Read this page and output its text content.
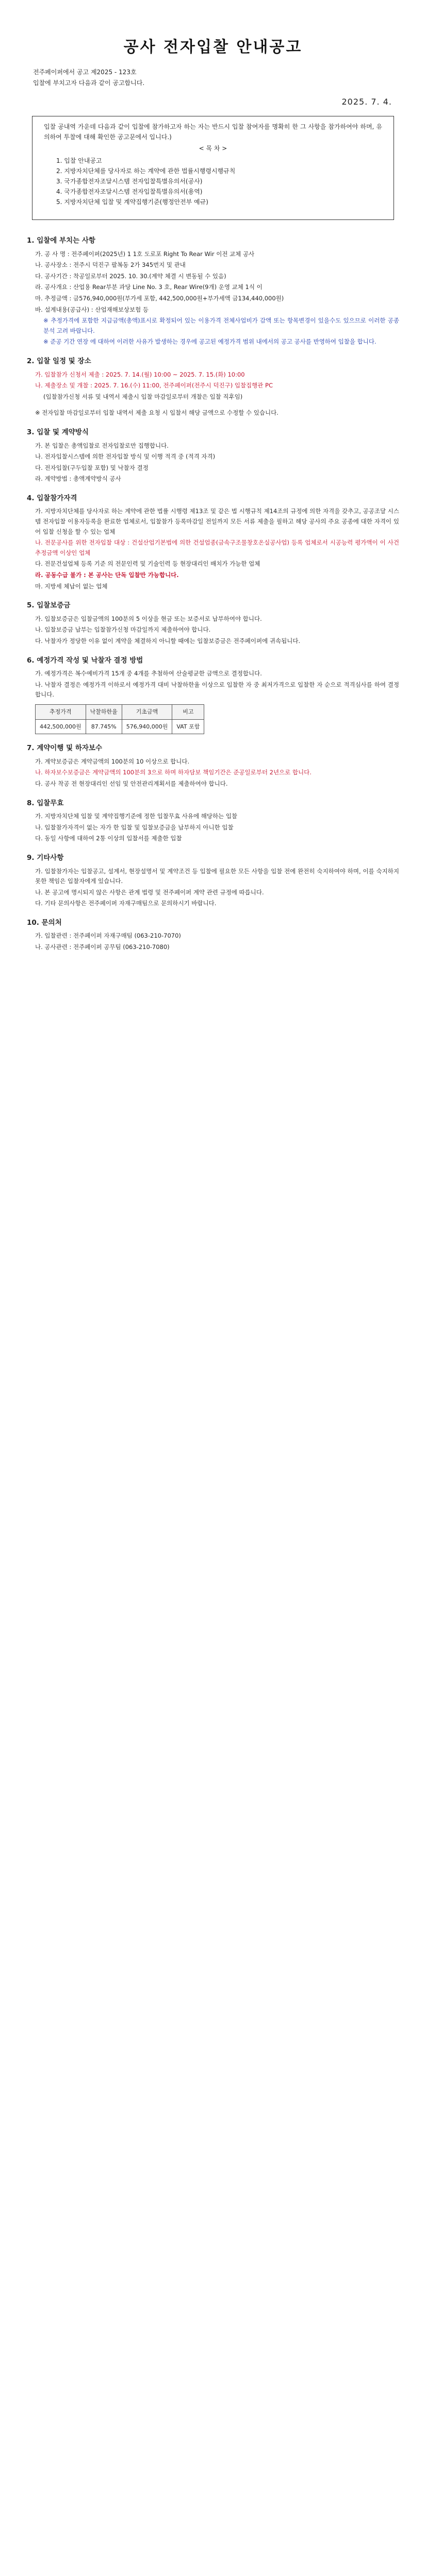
공사 전자입찰 안내공고
전주페이퍼에서 공고 제2025 - 123호
입찰에 부치고자 다음과 같이 공고합니다.
2025. 7. 4.
입찰 공내역 가운데 다음과 같이 입찰에 참가하고자 하는 자는 반드시 입찰 참여자를 명확히 한 그 사항을 참가하여야 하며, 유의하여 투찰에 대해 확인한 공고문에서 입니다.)
< 목 차 >
1. 입찰 안내공고
2. 지방자치단체를 당사자로 하는 계약에 관한 법률시행령시행규칙
3. 국가종합전자조달시스템 전자입찰특별유의서(공사)
4. 국가종합전자조달시스템 전자입찰특별유의서(용역)
5. 지방자치단체 입찰 및 계약집행기준(행정안전부 예규)
1. 입찰에 부치는 사항
가. 공 사 명 : 전주페이퍼(2025년) 1 1호 도로포 Right To Rear Wir 이전 교체 공사
나. 공사장소 : 전주시 덕진구 팔복동 2가 345번지 및 관내
다. 공사기간 : 착공일로부터 2025. 10. 30.(계약 체결 시 변동될 수 있음)
라. 공사개요 : 산업용 Rear부분 과당 Line No. 3 호, Rear Wire(9개) 운영 교체 1식 이
마. 추정금액 : 금576,940,000원(부가세 포함, 442,500,000원+부가세액 금134,440,000원)
바. 설계내용(공급사) : 산업재해보상보험 등
※ 추정가격에 포함한 지급금액(총액)표시로 확정되어 있는 이용가격 전체사업비가 감액 또는 항목변경이 있을수도 있으므로 이러한 공종 분석 고려 바랍니다.
※ 준공 기간 연장 에 대하여 이러한 사유가 발생하는 경우에 공고된 예정가격 범위 내에서의 공고 공사를 반영하여 입찰을 합니다.
2. 입찰 일정 및 장소
가. 입찰참가 신청서 제출 : 2025. 7. 14.(월) 10:00 ~ 2025. 7. 15.(화) 10:00
나. 제출장소 및 개찰 : 2025. 7. 16.(수) 11:00, 전주페이퍼(전주시 덕진구) 입찰집행관 PC
(입찰참가신청 서류 및 내역서 제출시 입찰 마감일로부터 개찰은 입찰 직후임)
※ 전자입찰 마감일로부터 입찰 내역서 제출 요청 시 입찰서 해당 금액으로 수정할 수 있습니다.
3. 입찰 및 계약방식
가. 본 입찰은 총액입찰로 전자입찰로만 집행합니다.
나. 전자입찰시스템에 의한 전자입찰 방식 및 이행 적격 중 (적격 자격)
다. 전자입찰(구두입찰 포함) 및 낙찰자 결정
라. 계약방법 : 총액계약방식 공사
4. 입찰참가자격
가. 지방자치단체를 당사자로 하는 계약에 관한 법률 시행령 제13조 및 같은 법 시행규칙 제14조의 규정에 의한 자격을 갖추고, 공공조달 시스템 전자입찰 이용자등록을 완료한 업체로서, 입찰참가 등록마감일 전일까지 모든 서류 제출을 필하고 해당 공사의 주요 공종에 대한 자격이 있어 입찰 신청을 할 수 있는 업체
나. 전문공사를 위한 전자입찰 대상 : 건설산업기본법에 의한 건설업종(금속구조물창호온실공사업) 등록 업체로서 시공능력 평가액이 이 사건 추정금액 이상인 업체
다. 전문건설업체 등록 기준 의 전문인력 및 기술인력 등 현장대리인 배치가 가능한 업체
라. 공동수급 불가 : 본 공사는 단독 입찰만 가능합니다.
마. 지방세 체납이 없는 업체
5. 입찰보증금
가. 입찰보증금은 입찰금액의 100분의 5 이상을 현금 또는 보증서로 납부하여야 합니다.
나. 입찰보증금 납부는 입찰참가신청 마감일까지 제출하여야 합니다.
다. 낙찰자가 정당한 이유 없이 계약을 체결하지 아니할 때에는 입찰보증금은 전주페이퍼에 귀속됩니다.
6. 예정가격 작성 및 낙찰자 결정 방법
가. 예정가격은 복수예비가격 15개 중 4개를 추첨하여 산술평균한 금액으로 결정합니다.
나. 낙찰자 결정은 예정가격 이하로서 예정가격 대비 낙찰하한율 이상으로 입찰한 자 중 최저가격으로 입찰한 자 순으로 적격심사를 하여 결정합니다.
추정가격	낙찰하한율	기초금액	비고
442,500,000원	87.745%	576,940,000원	VAT 포함
7. 계약이행 및 하자보수
가. 계약보증금은 계약금액의 100분의 10 이상으로 합니다.
나. 하자보수보증금은 계약금액의 100분의 3으로 하며 하자담보 책임기간은 준공일로부터 2년으로 합니다.
다. 공사 착공 전 현장대리인 선임 및 안전관리계획서를 제출하여야 합니다.
8. 입찰무효
가. 지방자치단체 입찰 및 계약집행기준에 정한 입찰무효 사유에 해당하는 입찰
나. 입찰참가자격이 없는 자가 한 입찰 및 입찰보증금을 납부하지 아니한 입찰
다. 동일 사항에 대하여 2통 이상의 입찰서를 제출한 입찰
9. 기타사항
가. 입찰참가자는 입찰공고, 설계서, 현장설명서 및 계약조건 등 입찰에 필요한 모든 사항을 입찰 전에 완전히 숙지하여야 하며, 이를 숙지하지 못한 책임은 입찰자에게 있습니다.
나. 본 공고에 명시되지 않은 사항은 관계 법령 및 전주페이퍼 계약 관련 규정에 따릅니다.
다. 기타 문의사항은 전주페이퍼 자재구매팀으로 문의하시기 바랍니다.
10. 문의처
가. 입찰관련 : 전주페이퍼 자재구매팀 (063-210-7070)
나. 공사관련 : 전주페이퍼 공무팀 (063-210-7080)
